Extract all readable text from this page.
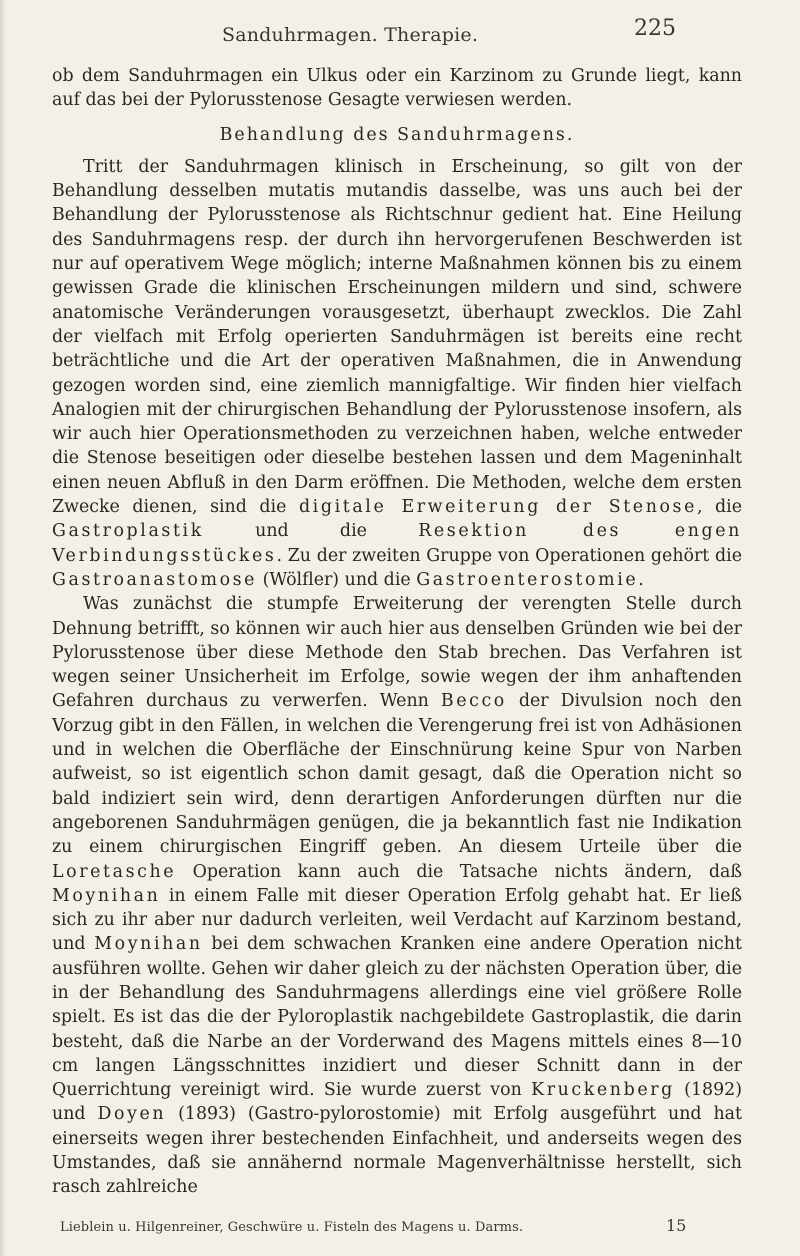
Sanduhrmagen. Therapie.	225

ob dem Sanduhrmagen ein Ulkus oder ein Karzinom zu Grunde liegt, kann auf das bei der Pylorusstenose Gesagte verwiesen werden.

Behandlung des Sanduhrmagens.

Tritt der Sanduhrmagen klinisch in Erscheinung, so gilt von der Behandlung desselben mutatis mutandis dasselbe, was uns auch bei der Behandlung der Pylorusstenose als Richtschnur gedient hat. Eine Heilung des Sanduhrmagens resp. der durch ihn hervorgerufenen Beschwerden ist nur auf operativem Wege möglich; interne Maßnahmen können bis zu einem gewissen Grade die klinischen Erscheinungen mildern und sind, schwere anatomische Veränderungen vorausgesetzt, überhaupt zwecklos. Die Zahl der vielfach mit Erfolg operierten Sanduhrmägen ist bereits eine recht beträchtliche und die Art der operativen Maßnahmen, die in Anwendung gezogen worden sind, eine ziemlich mannigfaltige. Wir finden hier vielfach Analogien mit der chirurgischen Behandlung der Pylorusstenose insofern, als wir auch hier Operationsmethoden zu verzeichnen haben, welche entweder die Stenose beseitigen oder dieselbe bestehen lassen und dem Mageninhalt einen neuen Abfluß in den Darm eröffnen. Die Methoden, welche dem ersten Zwecke dienen, sind die digitale Erweiterung der Stenose, die Gastroplastik	und die	Resektion des engen Verbindungsstückes. Zu der zweiten Gruppe von Operationen gehört die Gastroanastomose (Wölfler) und die Gastroenterostomie.

Was zunächst die stumpfe Erweiterung der verengten Stelle durch Dehnung betrifft, so können wir auch hier aus denselben Gründen wie bei der Pylorusstenose über diese Methode den Stab brechen. Das Verfahren ist wegen seiner Unsicherheit im Erfolge, sowie wegen der ihm anhaftenden Gefahren durchaus zu verwerfen. Wenn Becco der Divulsion noch den Vorzug gibt in den Fällen, in welchen die Verengerung frei ist von Adhäsionen und in welchen die Oberfläche der Einschnürung keine Spur von Narben aufweist, so ist eigentlich schon damit gesagt, daß die Operation nicht so bald indiziert sein wird, denn derartigen Anforderungen dürften nur die angeborenen Sanduhrmägen genügen, die ja bekanntlich fast nie Indikation zu einem chirurgischen Eingriff geben. An diesem Urteile über die Loretasche Operation kann auch die Tatsache nichts ändern, daß Moynihan in einem Falle mit dieser Operation Erfolg gehabt hat. Er ließ sich zu ihr aber nur dadurch verleiten, weil Verdacht auf Karzinom bestand, und Moynihan bei dem schwachen Kranken eine andere Operation nicht ausführen wollte. Gehen wir daher gleich zu der nächsten Operation über, die in der Behandlung des Sanduhrmagens allerdings eine viel größere Rolle spielt. Es ist das die der Pyloroplastik nachgebildete Gastroplastik, die darin besteht, daß die Narbe an der Vorderwand des Magens mittels eines 8—10 cm langen Längsschnittes inzidiert und dieser Schnitt dann in der Querrichtung vereinigt wird. Sie wurde zuerst von Kruckenberg (1892) und Doyen (1893) (Gastro-pylorostomie) mit Erfolg ausgeführt und hat einerseits wegen ihrer bestechenden Einfachheit, und anderseits wegen des Umstandes, daß sie annähernd normale Magenverhältnisse herstellt, sich rasch zahlreiche

Lieblein u. Hilgenreiner, Geschwüre u. Fisteln des Magens u. Darms.	15
